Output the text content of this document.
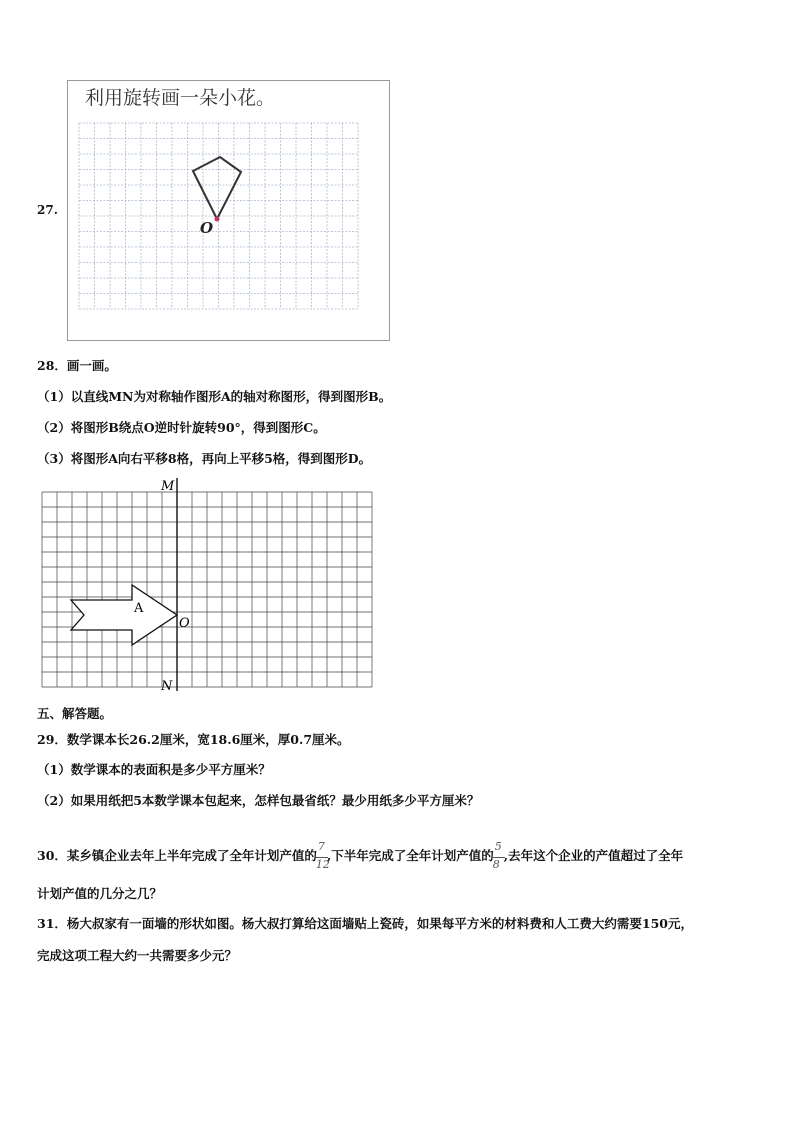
27.
利用旋转画一朵小花。
O
28．画一画。
（1）以直线MN为对称轴作图形A的轴对称图形，得到图形B。
（2）将图形B绕点O逆时针旋转90°，得到图形C。
（3）将图形A向右平移8格，再向上平移5格，得到图形D。
M
N
A
O
五、解答题。
29．数学课本长26.2厘米，宽18.6厘米，厚0.7厘米。
（1）数学课本的表面积是多少平方厘米？
（2）如果用纸把5本数学课本包起来，怎样包最省纸？最少用纸多少平方厘米？
30．某乡镇企业去年上半年完成了全年计划产值的 $\frac{7}{12}$ ,下半年完成了全年计划产值的 $\frac{5}{8}$ ,去年这个企业的产值超过了全年
计划产值的几分之几？
31．杨大叔家有一面墙的形状如图。杨大叔打算给这面墙贴上瓷砖，如果每平方米的材料费和人工费大约需要150元，
完成这项工程大约一共需要多少元？
